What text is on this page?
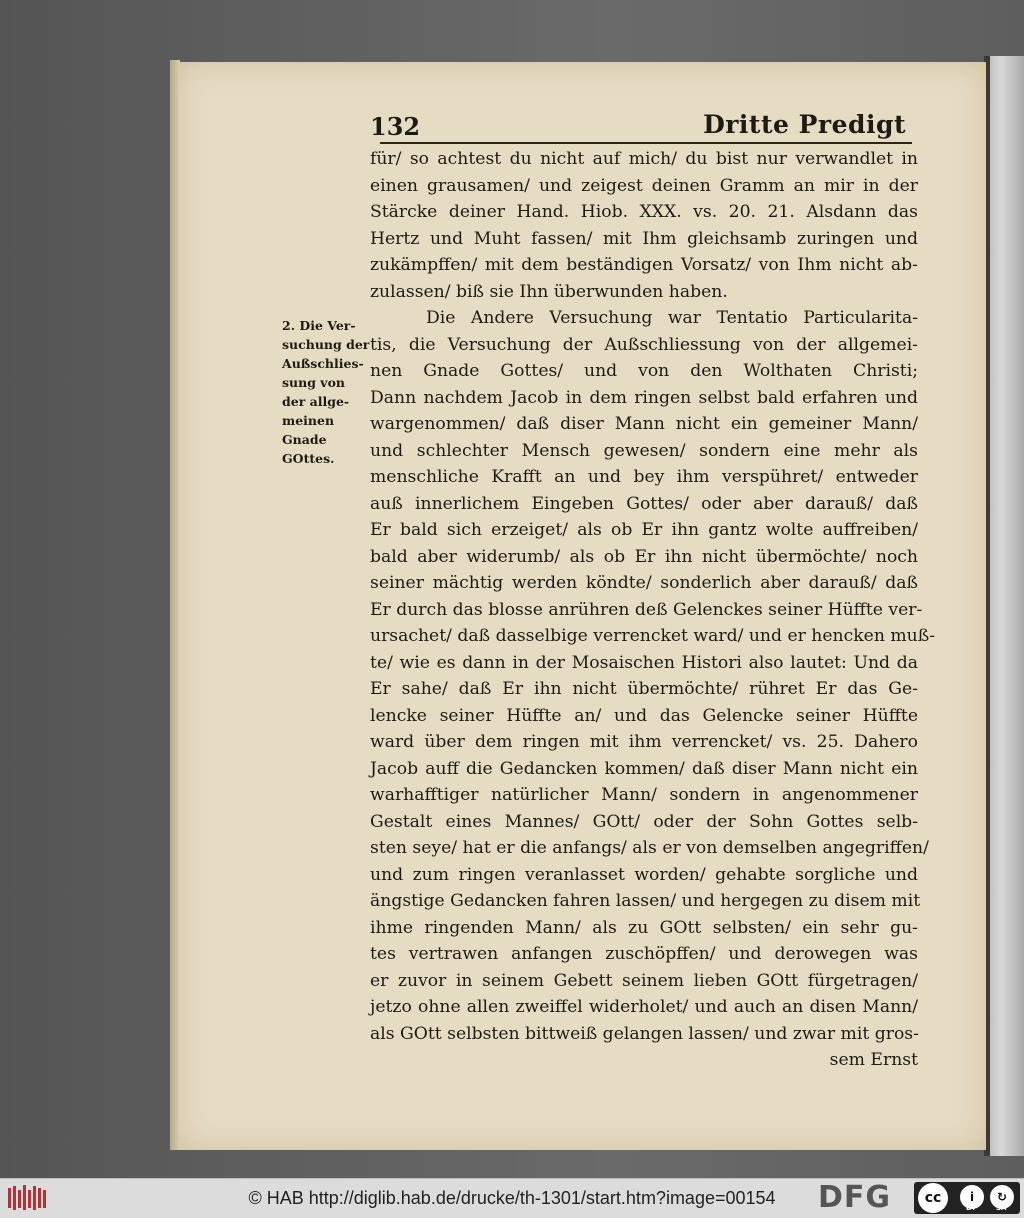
132	Dritte Predigt
2. Die Ver-
suchung der
Außschlies-
sung von
der allge-
meinen
Gnade
GOttes.
für/ so achtest du nicht auf mich/ du bist nur verwandlet in
einen grausamen/ und zeigest deinen Gramm an mir in der
Stärcke deiner Hand. Hiob. XXX. vs. 20. 21. Alsdann das
Hertz und Muht fassen/ mit Ihm gleichsamb zuringen und
zukämpffen/ mit dem beständigen Vorsatz/ von Ihm nicht ab-
zulassen/ biß sie Ihn überwunden haben.
Die Andere Versuchung war Tentatio Particularita-
tis, die Versuchung der Außschliessung von der allgemei-
nen Gnade Gottes/ und von den Wolthaten Christi;
Dann nachdem Jacob in dem ringen selbst bald erfahren und
wargenommen/ daß diser Mann nicht ein gemeiner Mann/
und schlechter Mensch gewesen/ sondern eine mehr als
menschliche Krafft an und bey ihm verspühret/ entweder
auß innerlichem Eingeben Gottes/ oder aber darauß/ daß
Er bald sich erzeiget/ als ob Er ihn gantz wolte auffreiben/
bald aber widerumb/ als ob Er ihn nicht übermöchte/ noch
seiner mächtig werden köndte/ sonderlich aber darauß/ daß
Er durch das blosse anrühren deß Gelenckes seiner Hüffte ver-
ursachet/ daß dasselbige verrencket ward/ und er hencken muß-
te/ wie es dann in der Mosaischen Histori also lautet: Und da
Er sahe/ daß Er ihn nicht übermöchte/ rühret Er das Ge-
lencke seiner Hüffte an/ und das Gelencke seiner Hüffte
ward über dem ringen mit ihm verrencket/ vs. 25. Dahero
Jacob auff die Gedancken kommen/ daß diser Mann nicht ein
warhafftiger natürlicher Mann/ sondern in angenommener
Gestalt eines Mannes/ GOtt/ oder der Sohn Gottes selb-
sten seye/ hat er die anfangs/ als er von demselben angegriffen/
und zum ringen veranlasset worden/ gehabte sorgliche und
ängstige Gedancken fahren lassen/ und hergegen zu disem mit
ihme ringenden Mann/ als zu GOtt selbsten/ ein sehr gu-
tes vertrawen anfangen zuschöpffen/ und derowegen was
er zuvor in seinem Gebett seinem lieben GOtt fürgetragen/
jetzo ohne allen zweiffel widerholet/ und auch an disen Mann/
als GOtt selbsten bittweiß gelangen lassen/ und zwar mit gros-
sem Ernst
© HAB http://diglib.hab.de/drucke/th-1301/start.htm?image=00154	DFG	cc	i	↻
BY	SA
